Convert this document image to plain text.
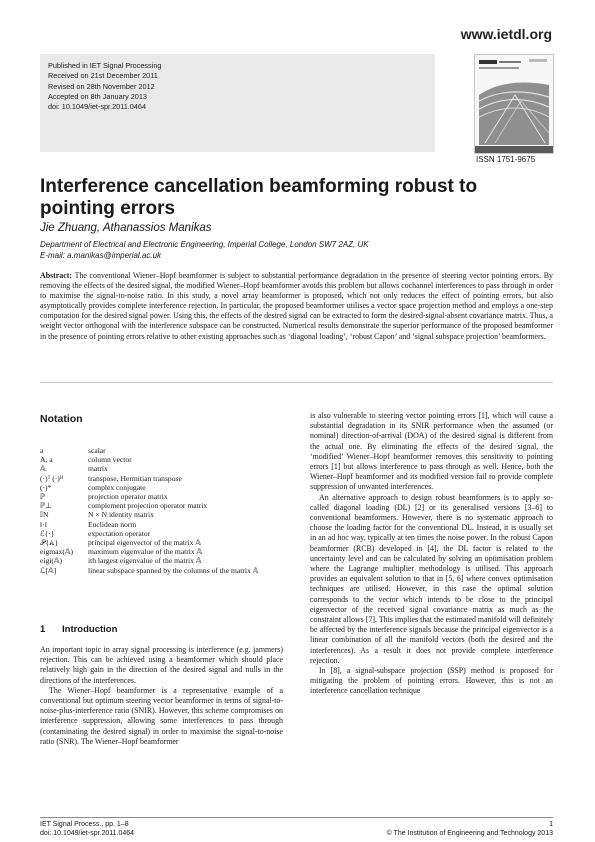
www.ietdl.org
Published in IET Signal Processing
Received on 21st December 2011
Revised on 28th November 2012
Accepted on 8th January 2013
doi: 10.1049/iet-spr.2011.0464
ISSN 1751-9675
Interference cancellation beamforming robust to pointing errors
Jie Zhuang, Athanassios Manikas
Department of Electrical and Electronic Engineering, Imperial College, London SW7 2AZ, UK
E-mail: a.manikas@imperial.ac.uk
Abstract: The conventional Wiener–Hopf beamformer is subject to substantial performance degradation in the presence of steering vector pointing errors. By removing the effects of the desired signal, the modified Wiener–Hopf beamformer avoids this problem but allows cochannel interferences to pass through in order to maximise the signal-to-noise ratio. In this study, a novel array beamformer is proposed, which not only reduces the effect of pointing errors, but also asymptotically provides complete interference rejection. In particular, the proposed beamformer utilises a vector space projection method and employs a one-step computation for the desired signal power. Using this, the effects of the desired signal can be extracted to form the desired-signal-absent covariance matrix. Thus, a weight vector orthogonal with the interference subspace can be constructed. Numerical results demonstrate the superior performance of the proposed beamformer in the presence of pointing errors relative to other existing approaches such as ‘diagonal loading’, ‘robust Capon’ and ‘signal subspace projection’ beamformers.
Notation
a	scalar
A, a	column vector
𝔸	matrix
(·)ᵀ (·)ᴴ	transpose, Hermitian transpose
(·)*	complex conjugate
ℙ	projection operator matrix
ℙ⊥	complement projection operator matrix
𝕀N	N × N identity matrix
‖·‖	Euclidean norm
ℰ{·}	expectation operator
𝒫{𝔸}	principal eigenvector of the matrix 𝔸
eigmax(𝔸)	maximum eigenvalue of the matrix 𝔸
eigi(𝔸)	ith largest eigenvalue of the matrix 𝔸
ℒ[𝔸]	linear subspace spanned by the columns of the matrix 𝔸
1 Introduction

An important topic in array signal processing is interference (e.g. jammers) rejection. This can be achieved using a beamformer which should place relatively high gain in the direction of the desired signal and nulls in the directions of the interferences.

The Wiener–Hopf beamformer is a representative example of a conventional but optimum steering vector beamformer in terms of signal-to-noise-plus-interference ratio (SNIR). However, this scheme compromises on interference suppression, allowing some interferences to pass through (contaminating the desired signal) in order to maximise the signal-to-noise ratio (SNR). The Wiener–Hopf beamformer

is also vulnerable to steering vector pointing errors [1], which will cause a substantial degradation in its SNIR performance when the assumed (or nominal) direction-of-arrival (DOA) of the desired signal is different from the actual one. By eliminating the effects of the desired signal, the ‘modified’ Wiener–Hopf beamformer removes this sensitivity to pointing errors [1] but allows interference to pass through as well. Hence, both the Wiener–Hopf beamformer and its modified version fail to provide complete suppression of unwanted interferences.

An alternative approach to design robust beamformers is to apply so-called diagonal loading (DL) [2] or its generalised versions [3–6] to conventional beamformers. However, there is no systematic approach to choose the loading factor for the conventional DL. Instead, it is usually set in an ad hoc way, typically at ten times the noise power. In the robust Capon beamformer (RCB) developed in [4], the DL factor is related to the uncertainty level and can be calculated by solving an optimisation problem where the Lagrange multiplier methodology is utilised. This approach provides an equivalent solution to that in [5, 6] where convex optimisation techniques are utilised. However, in this case the optimal solution corresponds to the vector which intends to be close to the principal eigenvector of the received signal covariance matrix as much as the constraint allows [7]. This implies that the estimated manifold will definitely be affected by the interference signals because the principal eigenvector is a linear combination of all the manifold vectors (both the desired and the interferences). As a result it does not provide complete interference rejection.

In [8], a signal-subspace projection (SSP) method is proposed for mitigating the problem of pointing errors. However, this is not an interference cancellation technique

IET Signal Process., pp. 1–8
doi: 10.1049/iet-spr.2011.0464
1
© The Institution of Engineering and Technology 2013
